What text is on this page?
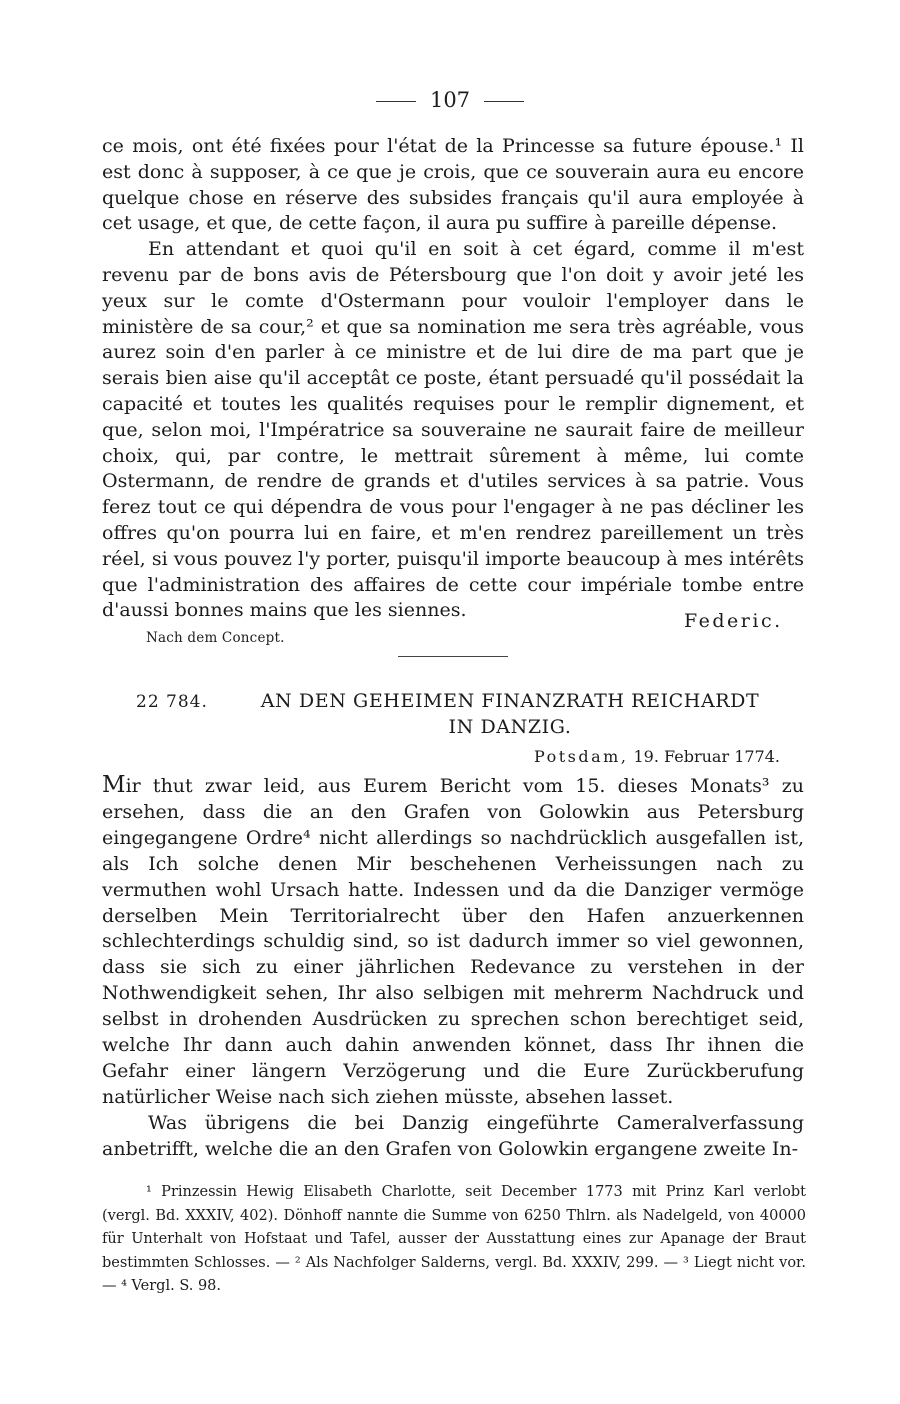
107

ce mois, ont été fixées pour l'état de la Princesse sa future épouse.¹ Il est donc à supposer, à ce que je crois, que ce souverain aura eu encore quelque chose en réserve des subsides français qu'il aura employée à cet usage, et que, de cette façon, il aura pu suffire à pareille dépense.

En attendant et quoi qu'il en soit à cet égard, comme il m'est revenu par de bons avis de Pétersbourg que l'on doit y avoir jeté les yeux sur le comte d'Ostermann pour vouloir l'employer dans le ministère de sa cour,² et que sa nomination me sera très agréable, vous aurez soin d'en parler à ce ministre et de lui dire de ma part que je serais bien aise qu'il acceptât ce poste, étant persuadé qu'il possédait la capacité et toutes les qualités requises pour le remplir dignement, et que, selon moi, l'Impératrice sa souveraine ne saurait faire de meilleur choix, qui, par contre, le mettrait sûrement à même, lui comte Ostermann, de rendre de grands et d'utiles services à sa patrie. Vous ferez tout ce qui dépendra de vous pour l'engager à ne pas décliner les offres qu'on pourra lui en faire, et m'en rendrez pareillement un très réel, si vous pouvez l'y porter, puisqu'il importe beaucoup à mes intérêts que l'administration des affaires de cette cour impériale tombe entre d'aussi bonnes mains que les siennes.	Federic.
Nach dem Concept.
22 784.	AN DEN GEHEIMEN FINANZRATH REICHARDT
IN DANZIG.
Potsdam, 19. Februar 1774.

Mir thut zwar leid, aus Eurem Bericht vom 15. dieses Monats³ zu ersehen, dass die an den Grafen von Golowkin aus Petersburg eingegangene Ordre⁴ nicht allerdings so nachdrücklich ausgefallen ist, als Ich solche denen Mir beschehenen Verheissungen nach zu vermuthen wohl Ursach hatte. Indessen und da die Danziger vermöge derselben Mein Territorialrecht über den Hafen anzuerkennen schlechterdings schuldig sind, so ist dadurch immer so viel gewonnen, dass sie sich zu einer jährlichen Redevance zu verstehen in der Nothwendigkeit sehen, Ihr also selbigen mit mehrerm Nachdruck und selbst in drohenden Ausdrücken zu sprechen schon berechtiget seid, welche Ihr dann auch dahin anwenden könnet, dass Ihr ihnen die Gefahr einer längern Verzögerung und die Eure Zurückberufung natürlicher Weise nach sich ziehen müsste, absehen lasset.

Was übrigens die bei Danzig eingeführte Cameralverfassung anbetrifft, welche die an den Grafen von Golowkin ergangene zweite In-

¹ Prinzessin Hewig Elisabeth Charlotte, seit December 1773 mit Prinz Karl verlobt (vergl. Bd. XXXIV, 402). Dönhoff nannte die Summe von 6250 Thlrn. als Nadelgeld, von 40000 für Unterhalt von Hofstaat und Tafel, ausser der Ausstattung eines zur Apanage der Braut bestimmten Schlosses. — ² Als Nachfolger Salderns, vergl. Bd. XXXIV, 299. — ³ Liegt nicht vor. — ⁴ Vergl. S. 98.
